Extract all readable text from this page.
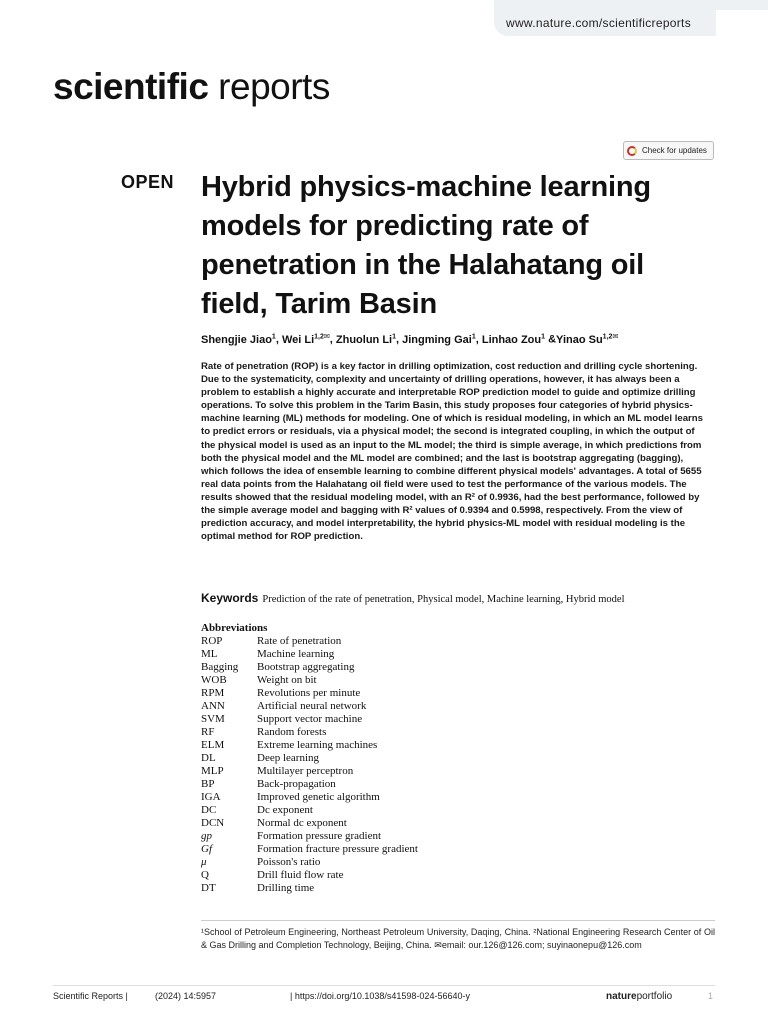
www.nature.com/scientificreports
scientific reports
Check for updates
OPEN Hybrid physics-machine learning models for predicting rate of penetration in the Halahatang oil field, Tarim Basin
Shengjie Jiao$^1$, Wei $Li^{1,2✉}$, Zhuolun Li$^1$, Jingming Gai$^1$, Linhao Zou$^1$ &Yinao $Su^{1,2✉}$
Rate of penetration (ROP) is a key factor in drilling optimization, cost reduction and drilling cycle shortening. Due to the systematicity, complexity and uncertainty of drilling operations, however, it has always been a problem to establish a highly accurate and interpretable ROP prediction model to guide and optimize drilling operations. To solve this problem in the Tarim Basin, this study proposes four categories of hybrid physics-machine learning (ML) methods for modeling. One of which is residual modeling, in which an ML model learns to predict errors or residuals, via a physical model; the second is integrated coupling, in which the output of the physical model is used as an input to the ML model; the third is simple average, in which predictions from both the physical model and the ML model are combined; and the last is bootstrap aggregating (bagging), which follows the idea of ensemble learning to combine different physical models' advantages. A total of 5655 real data points from the Halahatang oil field were used to test the performance of the various models. The results showed that the residual modeling model, with an R² of 0.9936, had the best performance, followed by the simple average model and bagging with R² values of 0.9394 and 0.5998, respectively. From the view of prediction accuracy, and model interpretability, the hybrid physics-ML model with residual modeling is the optimal method for ROP prediction.
Keywords Prediction of the rate of penetration, Physical model, Machine learning, Hybrid model
Abbreviations
ROP	Rate of penetration
ML	Machine learning
Bagging	Bootstrap aggregating
WOB	Weight on bit
RPM	Revolutions per minute
ANN	Artificial neural network
SVM	Support vector machine
RF	Random forests
ELM	Extreme learning machines
DL	Deep learning
MLP	Multilayer perceptron
BP	Back-propagation
IGA	Improved genetic algorithm
DC	Dc exponent
DCN	Normal dc exponent
gp	Formation pressure gradient
Gf	Formation fracture pressure gradient
μ	Poisson's ratio
Q	Drill fluid flow rate
DT	Drilling time
¹School of Petroleum Engineering, Northeast Petroleum University, Daqing, China. ²National Engineering Research Center of Oil & Gas Drilling and Completion Technology, Beijing, China. ✉email: our.126@126.com; suyinaonepu@126.com
Scientific Reports |	(2024) 14:5957	| https://doi.org/10.1038/s41598-024-56640-y	natureportfolio	1
